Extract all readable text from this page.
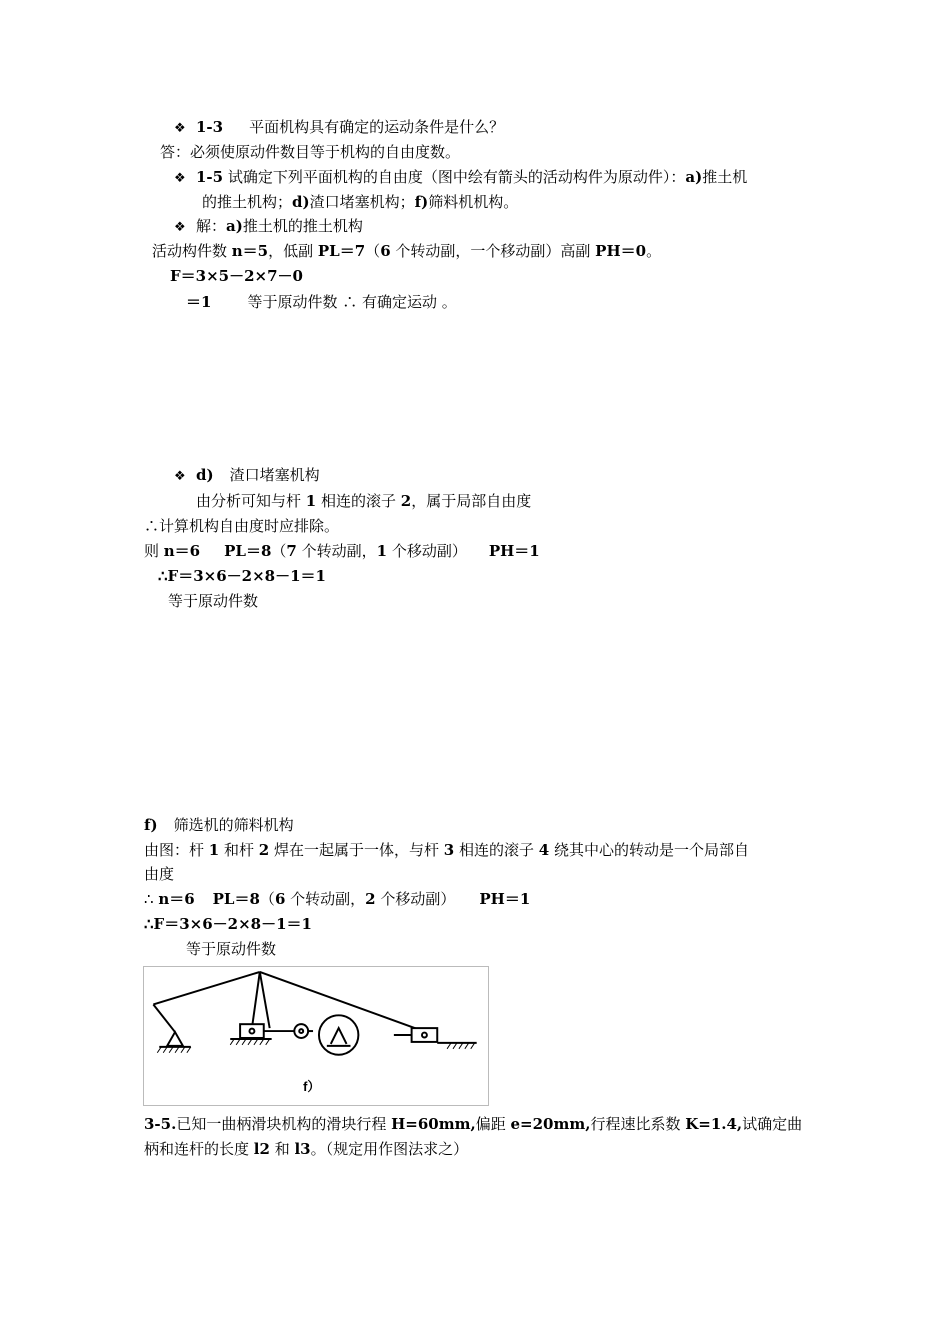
❖ 1-3 平面机构具有确定的运动条件是什么？
答：必须使原动件数目等于机构的自由度数。
❖ 1-5 试确定下列平面机构的自由度（图中绘有箭头的活动构件为原动件）：a)推土机
的推土机构；d)渣口堵塞机构；f)筛料机机构。
❖ 解：a)推土机的推土机构
活动构件数 n＝5，低副 PL＝7（6 个转动副，一个移动副）高副 PH＝0。
F＝3×5－2×7－0
＝1 等于原动件数 ∴ 有确定运动 。
❖ d) 渣口堵塞机构
由分析可知与杆 1 相连的滚子 2，属于局部自由度
∴计算机构自由度时应排除。
则 n＝6 PL＝8（7 个转动副，1 个移动副） PH＝1
∴F＝3×6－2×8－1＝1
等于原动件数
f) 筛选机的筛料机构
由图：杆 1 和杆 2 焊在一起属于一体，与杆 3 相连的滚子 4 绕其中心的转动是一个局部自
由度
∴ n＝6 PL＝8（6 个转动副，2 个移动副） PH＝1
∴F＝3×6－2×8－1＝1
等于原动件数
f）
3-5.已知一曲柄滑块机构的滑块行程 H=60mm,偏距 e=20mm,行程速比系数 K=1.4,试确定曲
柄和连杆的长度 l2 和 l3。（规定用作图法求之）
